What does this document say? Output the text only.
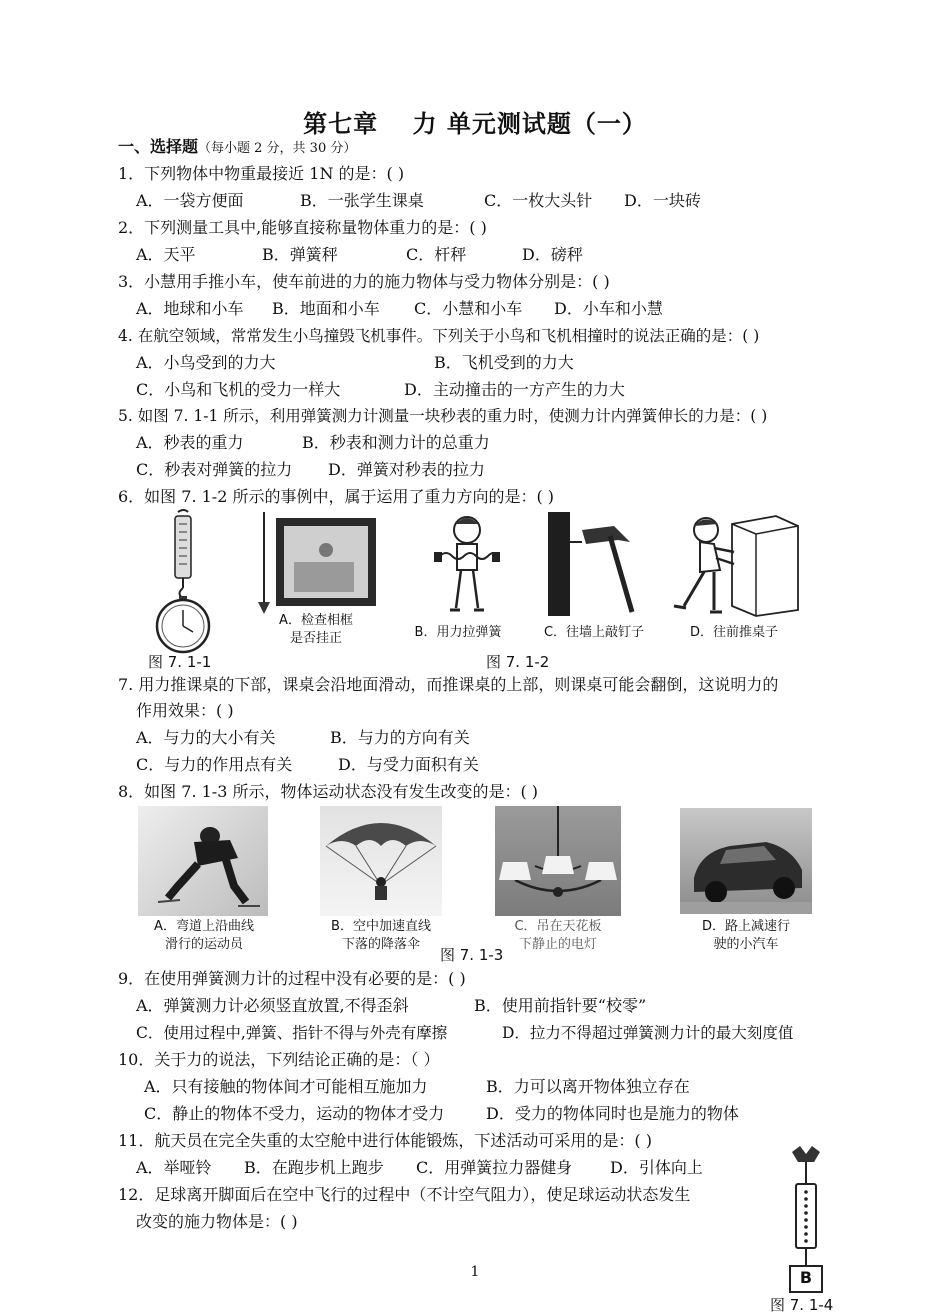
第七章　 力 单元测试题（一）
一、选择题（每小题 2 分，共 30 分）
1．下列物体中物重最接近 1N 的是：( )
A．一袋方便面	B．一张学生课桌	C．一枚大头针 D．一块砖
2．下列测量工具中,能够直接称量物体重力的是：( )
A．天平	B．弹簧秤	C．杆秤	D．磅秤
3．小慧用手推小车，使车前进的力的施力物体与受力物体分别是：( )
A．地球和小车 B．地面和小车 C．小慧和小车 D．小车和小慧
4. 在航空领域，常常发生小鸟撞毁飞机事件。下列关于小鸟和飞机相撞时的说法正确的是：( )
A．小鸟受到的力大	B．飞机受到的力大
C．小鸟和飞机的受力一样大	D．主动撞击的一方产生的力大
5. 如图 7. 1-1 所示，利用弹簧测力计测量一块秒表的重力时，使测力计内弹簧伸长的力是：( )
A．秒表的重力	B．秒表和测力计的总重力
C．秒表对弹簧的拉力 D．弹簧对秒表的拉力
6．如图 7. 1-2 所示的事例中，属于运用了重力方向的是：( )
图 7. 1-1
A．检查相框
是否挂正	B．用力拉弹簧	C．往墙上敲钉子	D．往前推桌子
图 7. 1-2
7. 用力推课桌的下部，课桌会沿地面滑动，而推课桌的上部，则课桌可能会翻倒，这说明力的
作用效果：( )
A．与力的大小有关	B．与力的方向有关
C．与力的作用点有关	D．与受力面积有关
8．如图 7. 1-3 所示，物体运动状态没有发生改变的是：( )
A．弯道上沿曲线
滑行的运动员
B．空中加速直线
下落的降落伞
C．吊在天花板
下静止的电灯
D．路上减速行
驶的小汽车
图 7. 1-3
9．在使用弹簧测力计的过程中没有必要的是：( )
A．弹簧测力计必须竖直放置,不得歪斜	B．使用前指针要“校零”
C．使用过程中,弹簧、指针不得与外壳有摩擦	D．拉力不得超过弹簧测力计的最大刻度值
10．关于力的说法，下列结论正确的是：（ ）
A．只有接触的物体间才可能相互施加力	B．力可以离开物体独立存在
C．静止的物体不受力，运动的物体才受力	D．受力的物体同时也是施力的物体
11．航天员在完全失重的太空舱中进行体能锻炼，下述活动可采用的是：( )
A．举哑铃 B．在跑步机上跑步 C．用弹簧拉力器健身 D．引体向上
12．足球离开脚面后在空中飞行的过程中（不计空气阻力），使足球运动状态发生
改变的施力物体是：( )
B
图 7. 1-4
1
